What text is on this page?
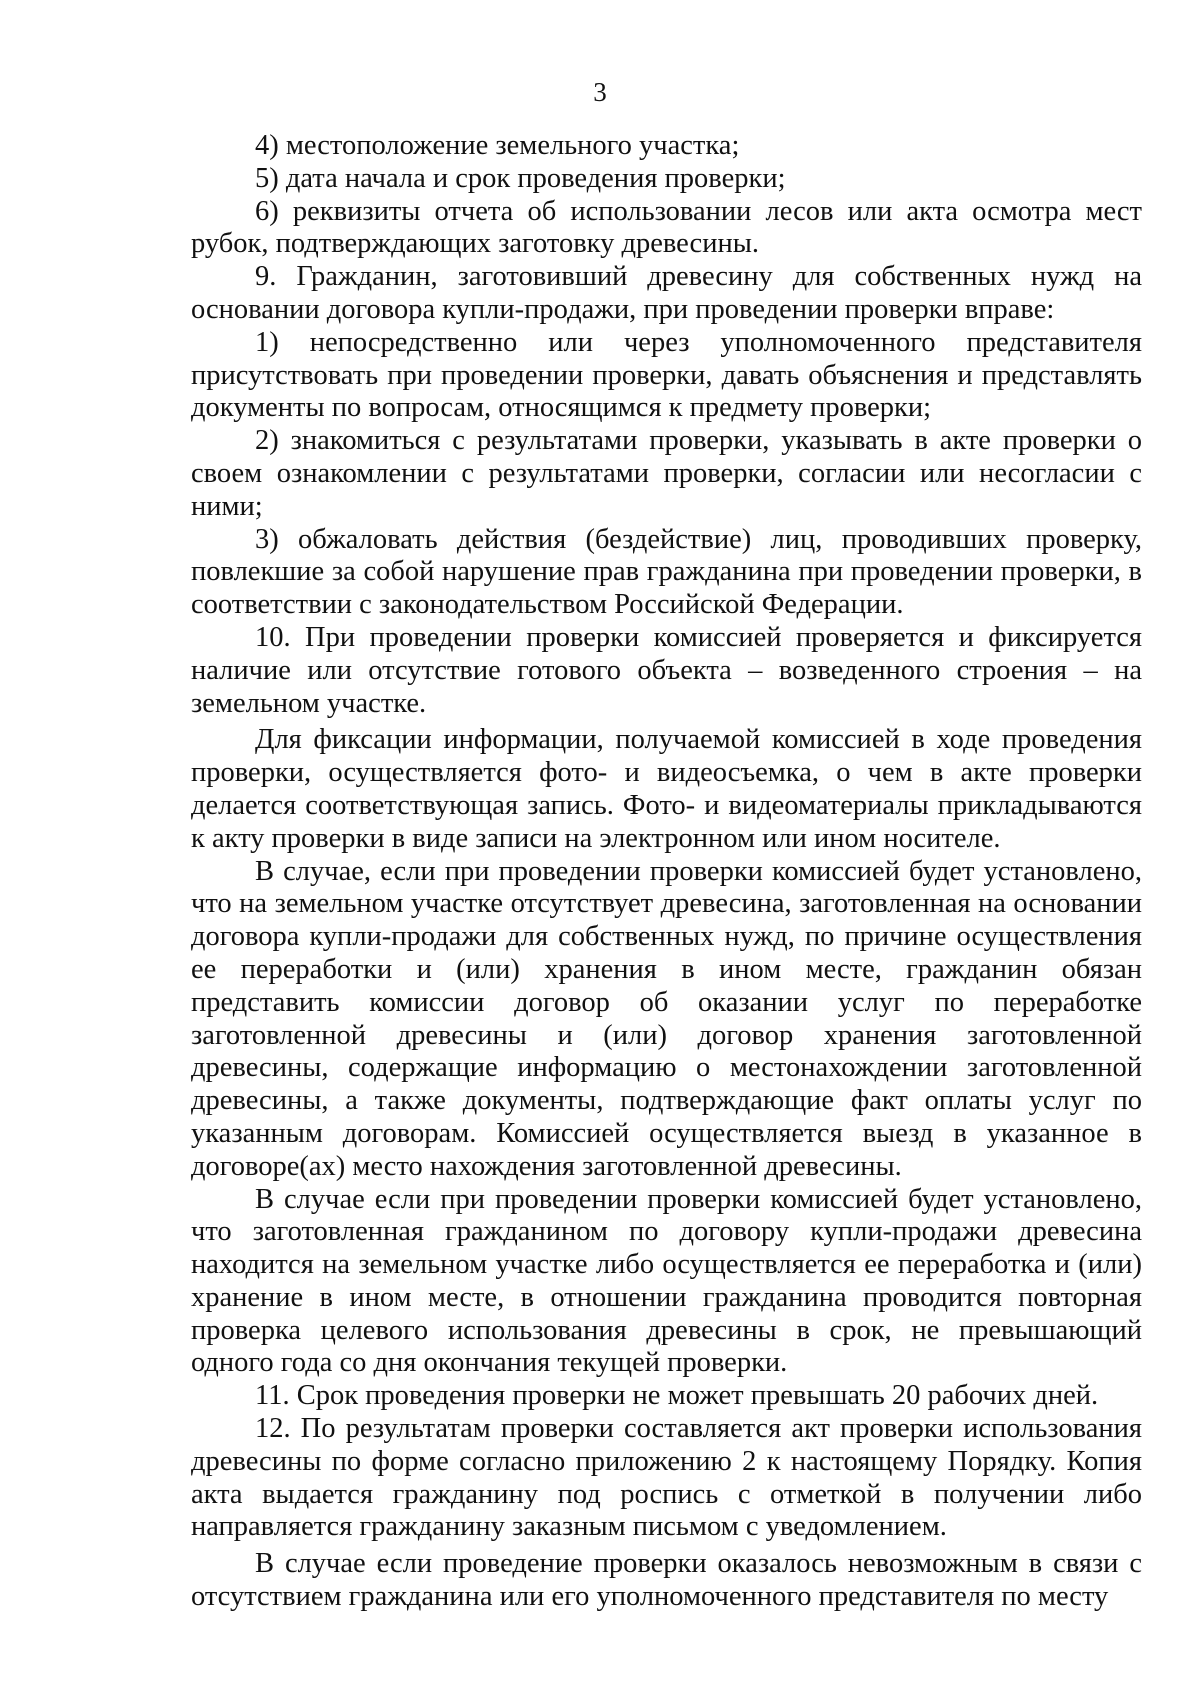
3

4) местоположение земельного участка;

5) дата начала и срок проведения проверки;

6) реквизиты отчета об использовании лесов или акта осмотра мест рубок, подтверждающих заготовку древесины.

9. Гражданин, заготовивший древесину для собственных нужд на основании договора купли-продажи, при проведении проверки вправе:

1) непосредственно или через уполномоченного представителя присутствовать при проведении проверки, давать объяснения и представлять документы по вопросам, относящимся к предмету проверки;

2) знакомиться с результатами проверки, указывать в акте проверки о своем ознакомлении с результатами проверки, согласии или несогласии с ними;

3) обжаловать действия (бездействие) лиц, проводивших проверку, повлекшие за собой нарушение прав гражданина при проведении проверки, в соответствии с законодательством Российской Федерации.

10. При проведении проверки комиссией проверяется и фиксируется наличие или отсутствие готового объекта – возведенного строения – на земельном участке.

Для фиксации информации, получаемой комиссией в ходе проведения проверки, осуществляется фото- и видеосъемка, о чем в акте проверки делается соответствующая запись. Фото- и видеоматериалы прикладываются к акту проверки в виде записи на электронном или ином носителе.

В случае, если при проведении проверки комиссией будет установлено, что на земельном участке отсутствует древесина, заготовленная на основании договора купли-продажи для собственных нужд, по причине осуществления ее переработки и (или) хранения в ином месте, гражданин обязан представить комиссии договор об оказании услуг по переработке заготовленной древесины и (или) договор хранения заготовленной древесины, содержащие информацию о местонахождении заготовленной древесины, а также документы, подтверждающие факт оплаты услуг по указанным договорам. Комиссией осуществляется выезд в указанное в договоре(ах) место нахождения заготовленной древесины.

В случае если при проведении проверки комиссией будет установлено, что заготовленная гражданином по договору купли-продажи древесина находится на земельном участке либо осуществляется ее переработка и (или) хранение в ином месте, в отношении гражданина проводится повторная проверка целевого использования древесины в срок, не превышающий одного года со дня окончания текущей проверки.

11. Срок проведения проверки не может превышать 20 рабочих дней.

12. По результатам проверки составляется акт проверки использования древесины по форме согласно приложению 2 к настоящему Порядку. Копия акта выдается гражданину под роспись с отметкой в получении либо направляется гражданину заказным письмом с уведомлением.

В случае если проведение проверки оказалось невозможным в связи с отсутствием гражданина или его уполномоченного представителя по месту
